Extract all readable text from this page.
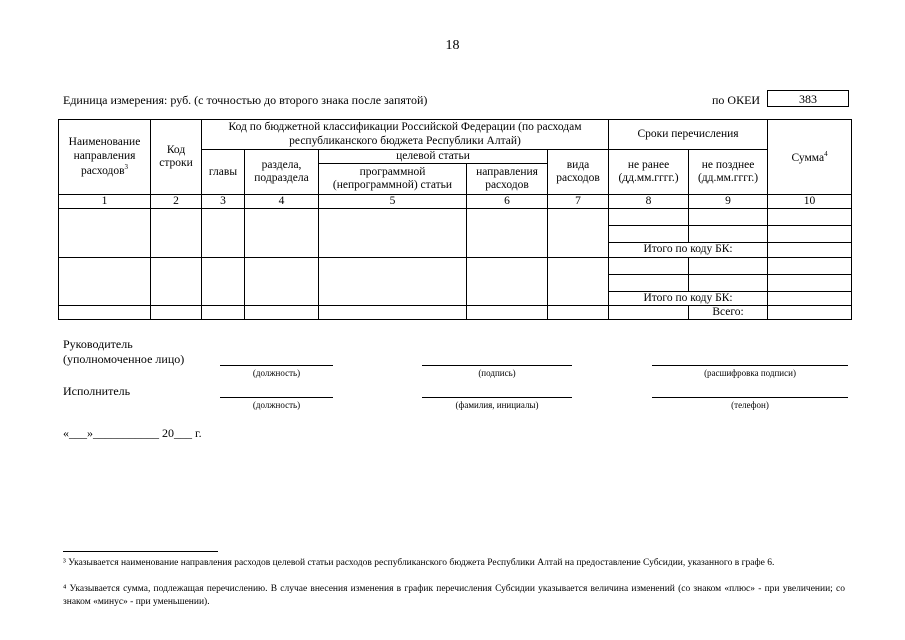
18
Единица измерения: руб. (с точностью до второго знака после запятой)	по ОКЕИ	383
Наименование направления расходов$^3$	Код строки	Код по бюджетной классификации Российской Федерации (по расходам республиканского бюджета Республики Алтай)					Сроки перечисления		Сумма$^4$
		главы	раздела, подраздела	целевой статьи		вида расходов	не ранее (дд.мм.гггг.)	не позднее (дд.мм.гггг.)	
				программной (непрограммной) статьи	направления расходов				
1	2	3	4	5	6	7	8	9	10

							Итого по коду БК:		

							Итого по коду БК:		
								Всего:	
Руководитель
(уполномоченное лицо)
(должность)	(подпись)	(расшифровка подписи)
Исполнитель
(должность)	(фамилия, инициалы)	(телефон)
«___»___________ 20___ г.
³ Указывается наименование направления расходов целевой статьи расходов республиканского бюджета Республики Алтай на предоставление Субсидии, указанного в графе 6.
⁴ Указывается сумма, подлежащая перечислению. В случае внесения изменения в график перечисления Субсидии указывается величина изменений (со знаком «плюс» - при увеличении; со знаком «минус» - при уменьшении).
